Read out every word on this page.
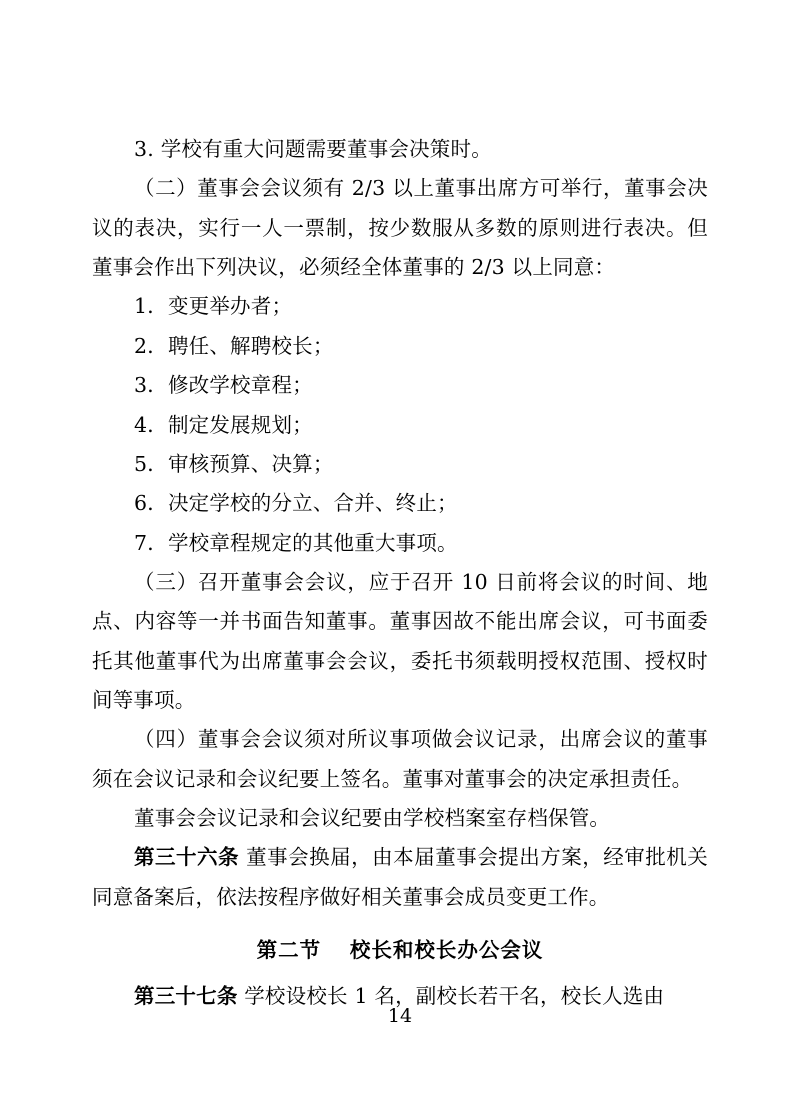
3. 学校有重大问题需要董事会决策时。

（二）董事会会议须有 2/3 以上董事出席方可举行，董事会决议的表决，实行一人一票制，按少数服从多数的原则进行表决。但董事会作出下列决议，必须经全体董事的 2/3 以上同意：

1．变更举办者；

2．聘任、解聘校长；

3．修改学校章程；

4．制定发展规划；

5．审核预算、决算；

6．决定学校的分立、合并、终止；

7．学校章程规定的其他重大事项。

（三）召开董事会会议，应于召开 10 日前将会议的时间、地点、内容等一并书面告知董事。董事因故不能出席会议，可书面委托其他董事代为出席董事会会议，委托书须载明授权范围、授权时间等事项。

（四）董事会会议须对所议事项做会议记录，出席会议的董事须在会议记录和会议纪要上签名。董事对董事会的决定承担责任。

董事会会议记录和会议纪要由学校档案室存档保管。

第三十六条 董事会换届，由本届董事会提出方案，经审批机关同意备案后，依法按程序做好相关董事会成员变更工作。

第二节 校长和校长办公会议

第三十七条 学校设校长 1 名，副校长若干名，校长人选由

14
